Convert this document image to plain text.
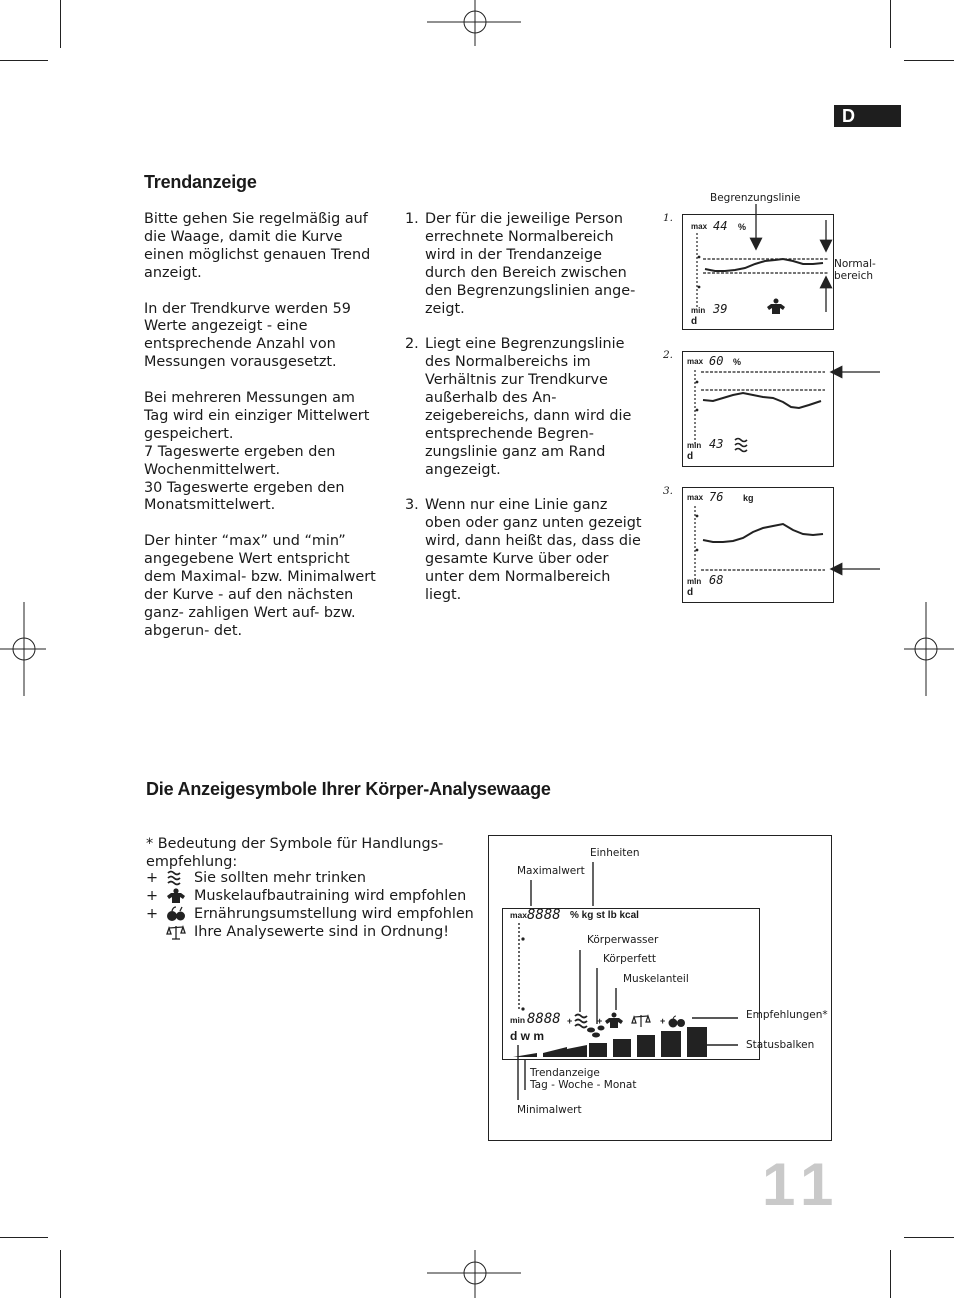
D
Trendanzeige

Bitte gehen Sie regelmäßig auf die Waage, damit die Kurve einen möglichst genauen Trend anzeigt.

In der Trendkurve werden 59 Werte angezeigt - eine entsprechende Anzahl von Messungen vorausgesetzt.

Bei mehreren Messungen am Tag wird ein einziger Mittelwert gespeichert.
7 Tageswerte ergeben den Wochenmittelwert.
30 Tageswerte ergeben den Monatsmittelwert.

Der hinter “max” und “min” angegebene Wert entspricht dem Maximal- bzw. Minimalwert der Kurve - auf den nächsten ganz- zahligen Wert auf- bzw. abgerun- det.

1. Der für die jeweilige Person errechnete Normalbereich wird in der Trendanzeige durch den Bereich zwischen den Begrenzungslinien ange- zeigt.
2. Liegt eine Begrenzungslinie des Normalbereichs im Verhältnis zur Trendkurve außerhalb des An- zeigebereichs, dann wird die entsprechende Begren- zungslinie ganz am Rand angezeigt.
3. Wenn nur eine Linie ganz oben oder ganz unten gezeigt wird, dann heißt das, dass die gesamte Kurve über oder unter dem Normalbereich liegt.
Begrenzungslinie
Normal-
bereich
1.
max 44 %
min 39
d
2.
max 60 %
min 43
d
3.
max 76 kg
min 68
d
Die Anzeigesymbole Ihrer Körper-Analysewaage
* Bedeutung der Symbole für Handlungs-
empfehlung:
+ Sie sollten mehr trinken
+ Muskelaufbautraining wird empfohlen
+ Ernährungsumstellung wird empfohlen
Ihre Analysewerte sind in Ordnung!
max 8888 % kg st lb kcal
min 8888 +	+	+
d w m
Einheiten
Maximalwert
Körperwasser
Körperfett
Muskelanteil
Empfehlungen*
Statusbalken
Trendanzeige
Tag - Woche - Monat
Minimalwert
11
